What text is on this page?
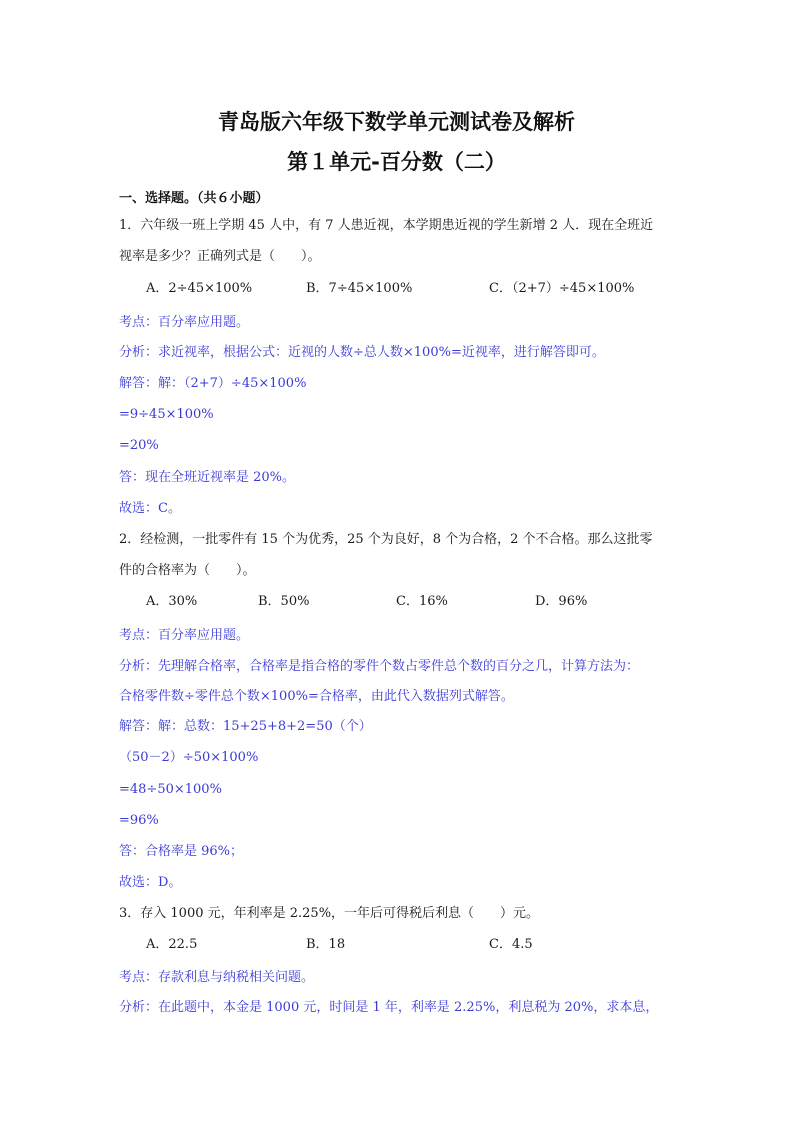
青岛版六年级下数学单元测试卷及解析
第１单元-百分数（二）
一、选择题。（共６小题）
1．六年级一班上学期 45 人中，有 7 人患近视，本学期患近视的学生新增 2 人．现在全班近
视率是多少？正确列式是（　　）。
A．2÷45×100%	B．7÷45×100%	C．（2+7）÷45×100%
考点：百分率应用题。
分析：求近视率，根据公式：近视的人数÷总人数×100%=近视率，进行解答即可。
解答：解：（2+7）÷45×100%
=9÷45×100%
=20%
答：现在全班近视率是 20%。
故选：C。
2．经检测，一批零件有 15 个为优秀，25 个为良好，8 个为合格，2 个不合格。那么这批零
件的合格率为（　　）。
A．30%	B．50%	C．16%	D．96%
考点：百分率应用题。
分析：先理解合格率，合格率是指合格的零件个数占零件总个数的百分之几，计算方法为：
合格零件数÷零件总个数×100%=合格率，由此代入数据列式解答。
解答：解：总数：15+25+8+2=50（个）
（50－2）÷50×100%
=48÷50×100%
=96%
答：合格率是 96%；
故选：D。
3．存入 1000 元，年利率是 2.25%，一年后可得税后利息（　　）元。
A．22.5	B．18	C．4.5
考点：存款利息与纳税相关问题。
分析：在此题中，本金是 1000 元，时间是 1 年，利率是 2.25%，利息税为 20%，求本息，
